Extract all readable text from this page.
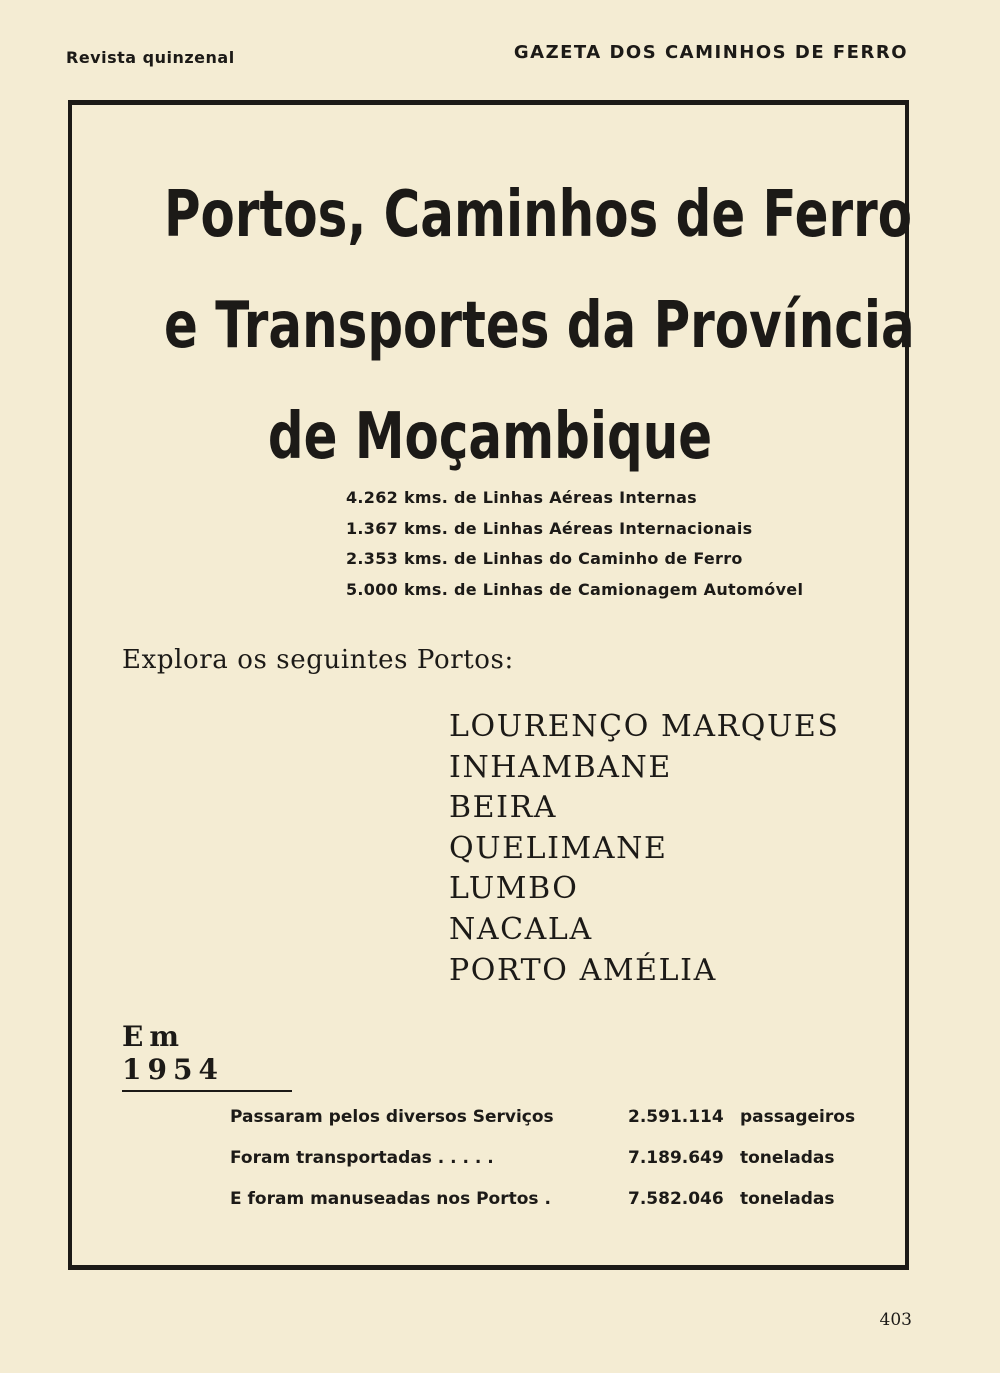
Revista quinzenal	GAZETA DOS CAMINHOS DE FERRO
Portos, Caminhos de Ferro
e Transportes da Província
de Moçambique
4.262 kms. de Linhas Aéreas Internas
1.367 kms. de Linhas Aéreas Internacionais
2.353 kms. de Linhas do Caminho de Ferro
5.000 kms. de Linhas de Camionagem Automóvel
Explora os seguintes Portos:
LOURENÇO MARQUES
INHAMBANE
BEIRA
QUELIMANE
LUMBO
NACALA
PORTO AMÉLIA
Em 1954
Passaram pelos diversos Serviços	2.591.114 passageiros
Foram transportadas . . . . .	7.189.649 toneladas
E foram manuseadas nos Portos .	7.582.046 toneladas
403
